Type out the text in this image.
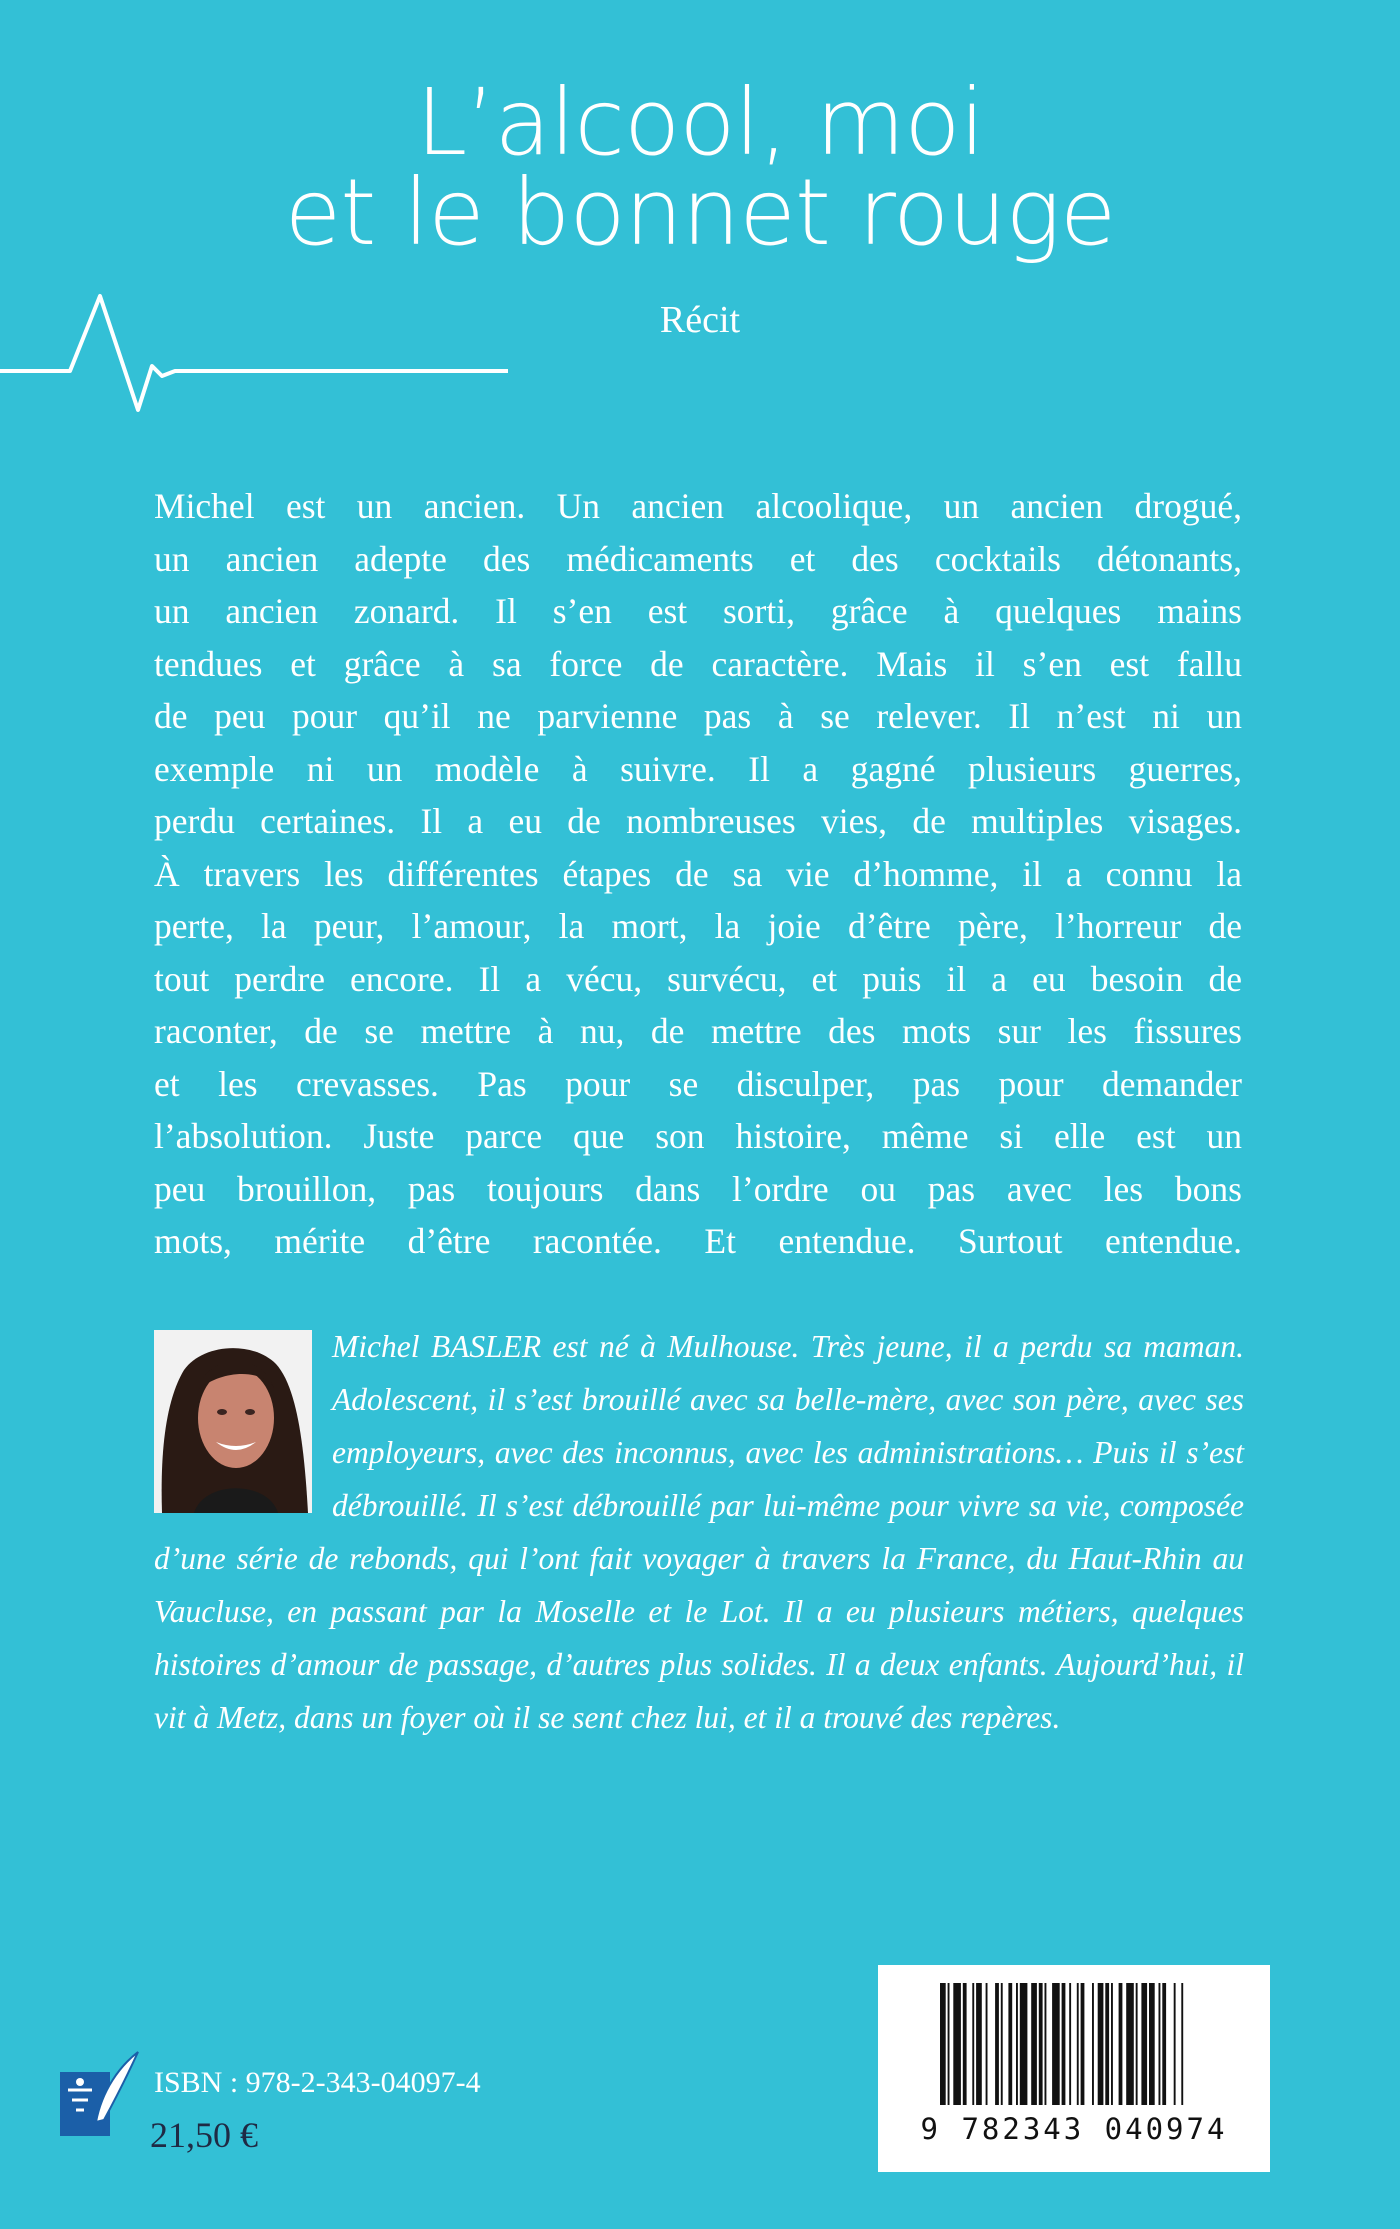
L’alcool, moi
et le bonnet rouge
Récit

Michel est un ancien. Un ancien alcoolique, un ancien drogué,

un ancien adepte des médicaments et des cocktails détonants,

un ancien zonard. Il s’en est sorti, grâce à quelques mains

tendues et grâce à sa force de caractère. Mais il s’en est fallu

de peu pour qu’il ne parvienne pas à se relever. Il n’est ni un

exemple ni un modèle à suivre. Il a gagné plusieurs guerres,

perdu certaines. Il a eu de nombreuses vies, de multiples visages.

À travers les différentes étapes de sa vie d’homme, il a connu la

perte, la peur, l’amour, la mort, la joie d’être père, l’horreur de

tout perdre encore. Il a vécu, survécu, et puis il a eu besoin de

raconter, de se mettre à nu, de mettre des mots sur les fissures

et les crevasses. Pas pour se disculper, pas pour demander

l’absolution. Juste parce que son histoire, même si elle est un

peu brouillon, pas toujours dans l’ordre ou pas avec les bons

mots, mérite d’être racontée. Et entendue. Surtout entendue.

Michel BASLER est né à Mulhouse. Très jeune, il a perdu sa maman. Adolescent, il s’est brouillé avec sa belle-mère, avec son père, avec ses employeurs, avec des inconnus, avec les administrations… Puis il s’est débrouillé. Il s’est débrouillé par lui-même pour vivre sa vie, composée d’une série de rebonds, qui l’ont fait voyager à travers la France, du Haut-Rhin au Vaucluse, en passant par la Moselle et le Lot. Il a eu plusieurs métiers, quelques histoires d’amour de passage, d’autres plus solides. Il a deux enfants. Aujourd’hui, il vit à Metz, dans un foyer où il se sent chez lui, et il a trouvé des repères.

ISBN : 978-2-343-04097-4
21,50 €	9 782343 040974
